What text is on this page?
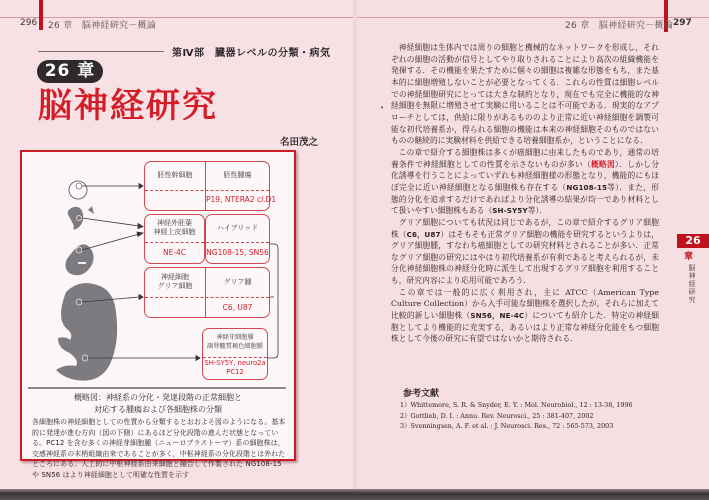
296 26 章　脳神経研究－概論
第Ⅳ部　臓器レベルの分類・病気
26 章
脳神経研究
名田茂之
胚性幹細胞	胚性腫瘍
P19, NTERA2 cl.D1
神経外胚葉
神経上皮細胞
NE-4C
ハイブリッド
NG108-15, SN56
神経細胞
グリア細胞	グリア腫
C6, U87
神経芽細胞腫
副腎髄質褐色細胞腫
SH-SY5Y, neuro2a
PC12
概略図：神経系の分化・発達段階の正常細胞と
対応する腫瘍および各細胞株の分類
各細胞株の神経細胞としての性質から分類するとおおよそ図のようになる。基本的に発達が進む方向（図の下側）にあるほど分化段階の進んだ状態となっている。PC12 を含む多くの神経芽細胞腫（ニューロブラストーマ）系の細胞株は，交感神経系の末梢組織由来であることが多く，中枢神経系の分化段階とは外れたところにある。人工的に中枢神経系由来細胞と融合して作製された NG108-15 や SN56 はより神経細胞として明確な性質を示す
26 章　脳神経研究－概論 297
•

神経細胞は生体内では周りの細胞と機械的なネットワークを形成し，それぞれの細胞の活動が信号としてやり取りされることにより高次の組織機能を発揮する．その機能を果たすために個々の細胞は複雑な形態をもち，また基本的に細胞増殖しないことが必要となってくる．これらの性質は細胞レベルでの神経細胞研究にとっては大きな制約となり，現在でも完全に機能的な神経細胞を無限に増殖させて実験に用いることは不可能である．現実的なアプローチとしては，供給に限りがあるもののより正常に近い神経細胞を調製可能な初代培養系か，得られる細胞の機能は本来の神経細胞そのものではないものの継続的に実験材料を供給できる培養細胞系か，ということになる．

この章で紹介する細胞株は多くが癌細胞に由来したものであり，通常の培養条件で神経細胞としての性質を示さないものが多い（概略図）．しかし分化誘導を行うことによっていずれも神経細胞様の形態となり，機能的にもほぼ完全に近い神経細胞となる細胞株も存在する（NG108-15等）．また，形態的分化を追求するだけであればより分化誘導の結果が均一であり材料として扱いやすい細胞株もある（SH-SY5Y等）．

グリア細胞についても状況は同じであるが，この章で紹介するグリア細胞株（C6，U87）はそもそも正常グリア細胞の機能を研究するというよりは，グリア細胞腫，すなわち癌細胞としての研究材料とされることが多い．正常なグリア細胞の研究にはやはり初代培養系が有利であると考えられるが，未分化神経細胞株の神経分化時に派生して出現するグリア細胞を利用することも，研究内容により応用可能であろう．

この章では一般的に広く利用され，主に ATCC（American Type Culture Collection）から入手可能な細胞株を選択したが，それらに加えて比較的新しい細胞株（SN56，NE-4C）についても紹介した．特定の神経細胞としてより機能的に充実する，あるいはより正常な神経分化能をもつ細胞株として今後の研究に有望ではないかと期待される．

参考文献
1）Whittemore, S. R. & Snyder, E. Y. : Mol. Neurobiol., 12 : 13-38, 1996
2）Gottlieb, D. I. : Annu. Rev. Neurosci., 25 : 381-407, 2002
3）Svenningsen, A. F. et al. : J. Neurosci. Res., 72 : 565-573, 2003
26
章
脳神経研究
